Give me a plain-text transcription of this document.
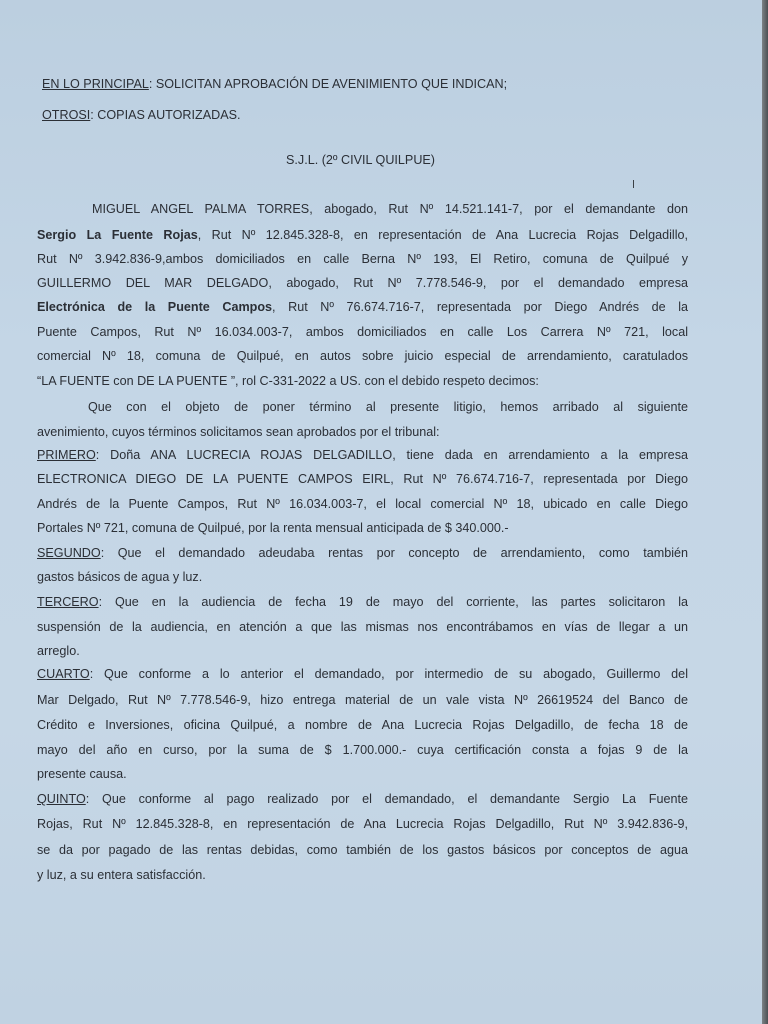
EN LO PRINCIPAL: SOLICITAN APROBACIÓN DE AVENIMIENTO QUE INDICAN;
OTROSI: COPIAS AUTORIZADAS.
S.J.L. (2º CIVIL QUILPUE)
MIGUEL ANGEL PALMA TORRES, abogado, Rut Nº 14.521.141-7, por el demandante don
Sergio La Fuente Rojas, Rut Nº 12.845.328-8, en representación de Ana Lucrecia Rojas Delgadillo,
Rut Nº 3.942.836-9,ambos domiciliados en calle Berna Nº 193, El Retiro, comuna de Quilpué y
GUILLERMO DEL MAR DELGADO, abogado, Rut Nº 7.778.546-9, por el demandado empresa
Electrónica de la Puente Campos, Rut Nº 76.674.716-7, representada por Diego Andrés de la
Puente Campos, Rut Nº 16.034.003-7, ambos domiciliados en calle Los Carrera Nº 721, local
comercial Nº 18, comuna de Quilpué, en autos sobre juicio especial de arrendamiento, caratulados
“LA FUENTE con DE LA PUENTE ”, rol C-331-2022 a US. con el debido respeto decimos:
Que con el objeto de poner término al presente litigio, hemos arribado al siguiente
avenimiento, cuyos términos solicitamos sean aprobados por el tribunal:
PRIMERO: Doña ANA LUCRECIA ROJAS DELGADILLO, tiene dada en arrendamiento a la empresa
ELECTRONICA DIEGO DE LA PUENTE CAMPOS EIRL, Rut Nº 76.674.716-7, representada por Diego
Andrés de la Puente Campos, Rut Nº 16.034.003-7, el local comercial Nº 18, ubicado en calle Diego
Portales Nº 721, comuna de Quilpué, por la renta mensual anticipada de $ 340.000.-
SEGUNDO: Que el demandado adeudaba rentas por concepto de arrendamiento, como también
gastos básicos de agua y luz.
TERCERO: Que en la audiencia de fecha 19 de mayo del corriente, las partes solicitaron la
suspensión de la audiencia, en atención a que las mismas nos encontrábamos en vías de llegar a un
arreglo.
CUARTO: Que conforme a lo anterior el demandado, por intermedio de su abogado, Guillermo del
Mar Delgado, Rut Nº 7.778.546-9, hizo entrega material de un vale vista Nº 26619524 del Banco de
Crédito e Inversiones, oficina Quilpué, a nombre de Ana Lucrecia Rojas Delgadillo, de fecha 18 de
mayo del año en curso, por la suma de $ 1.700.000.- cuya certificación consta a fojas 9 de la
presente causa.
QUINTO: Que conforme al pago realizado por el demandado, el demandante Sergio La Fuente
Rojas, Rut Nº 12.845.328-8, en representación de Ana Lucrecia Rojas Delgadillo, Rut Nº 3.942.836-9,
se da por pagado de las rentas debidas, como también de los gastos básicos por conceptos de agua
y luz, a su entera satisfacción.
